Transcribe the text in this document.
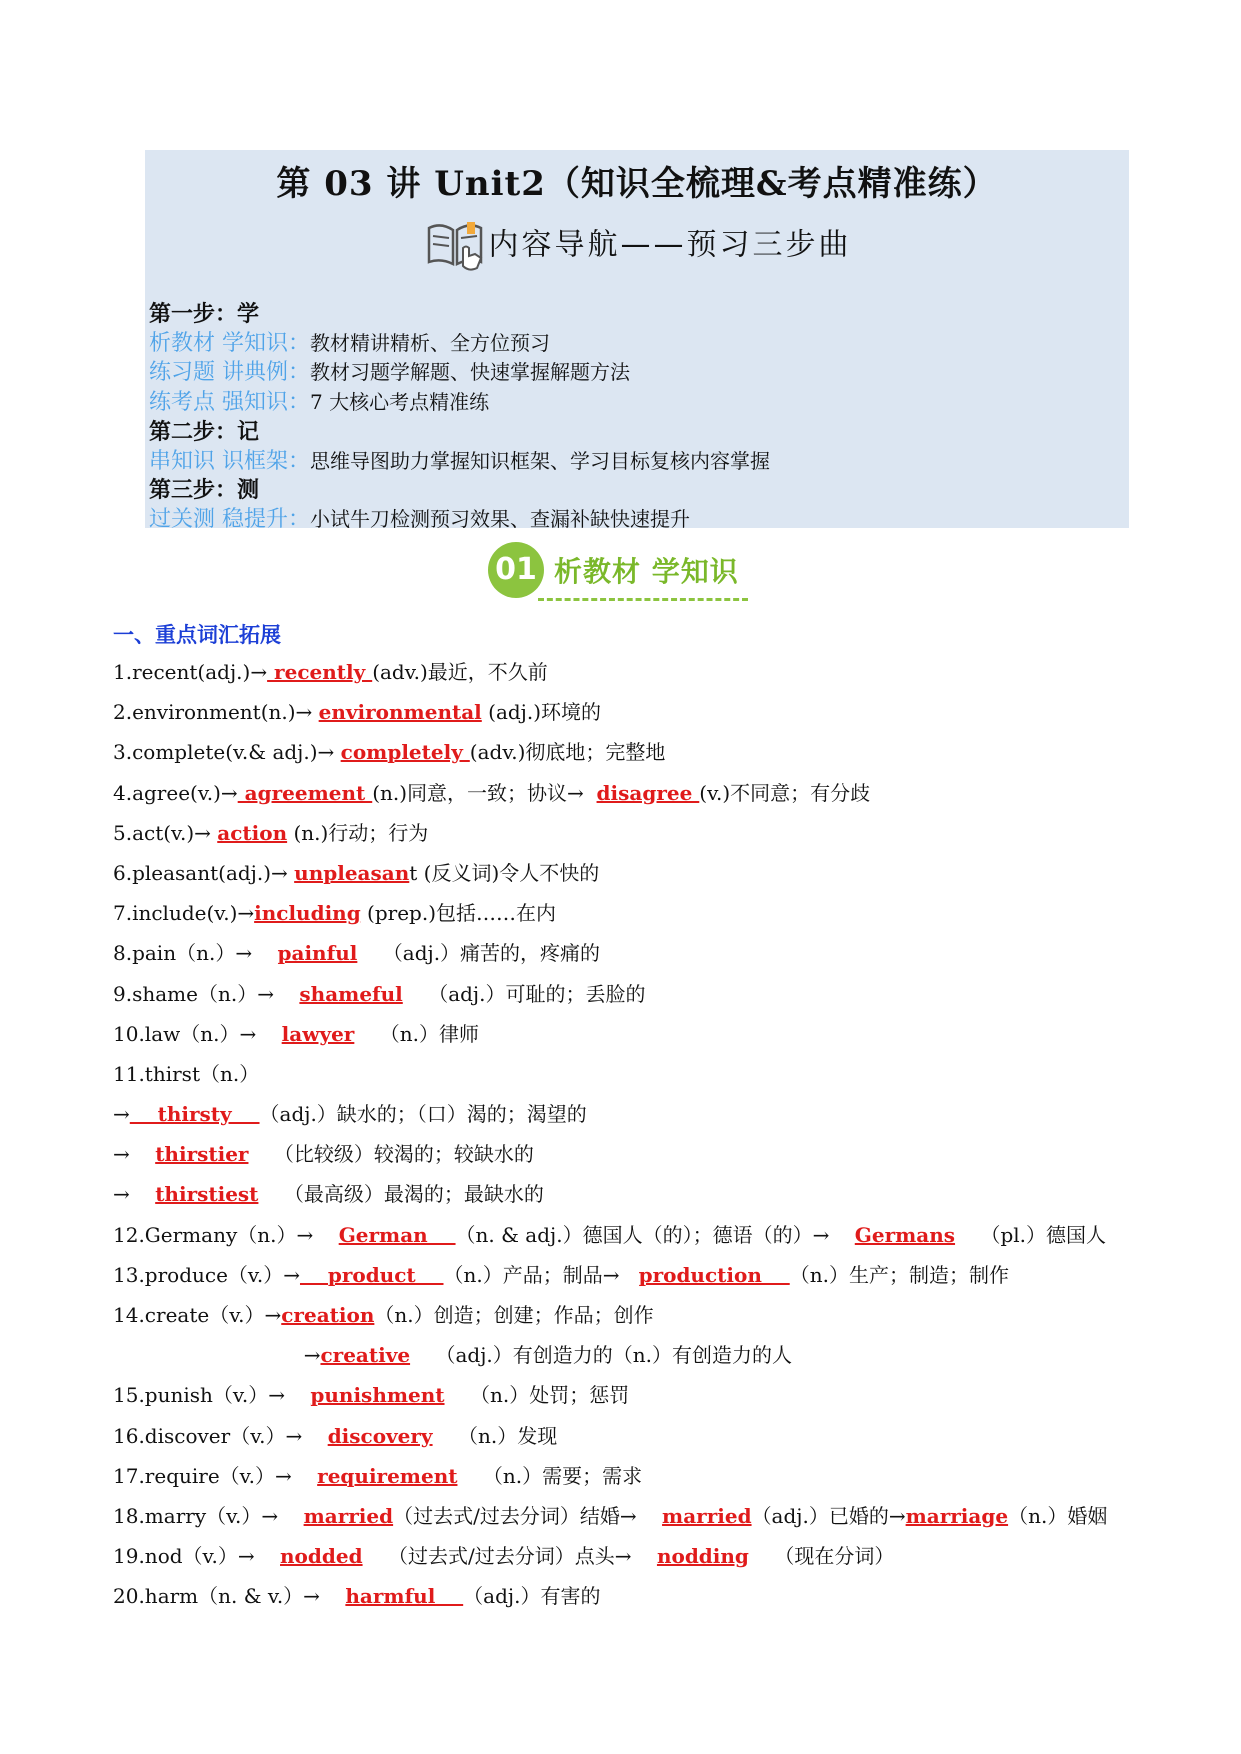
第 03 讲 Unit2（知识全梳理&考点精准练）
内容导航——预习三步曲
第一步：学
析教材 学知识：教材精讲精析、全方位预习
练习题 讲典例：教材习题学解题、快速掌握解题方法
练考点 强知识：7 大核心考点精准练
第二步：记
串知识 识框架：思维导图助力掌握知识框架、学习目标复核内容掌握
第三步：测
过关测 稳提升：小试牛刀检测预习效果、查漏补缺快速提升
01 析教材 学知识
一、重点词汇拓展
1.recent(adj.)→ recently (adv.)最近，不久前
2.environment(n.)→ environmental (adj.)环境的
3.complete(v.& adj.)→ completely (adv.)彻底地；完整地
4.agree(v.)→ agreement (n.)同意，一致；协议→  disagree (v.)不同意；有分歧
5.act(v.)→ action (n.)行动；行为
6.pleasant(adj.)→ unpleasant (反义词)令人不快的
7.include(v.)→including (prep.)包括……在内
8.pain（n.）→    painful    （adj.）痛苦的，疼痛的
9.shame（n.）→    shameful    （adj.）可耻的；丢脸的
10.law（n.）→    lawyer    （n.）律师
11.thirst（n.）
→    thirsty    （adj.）缺水的；（口）渴的；渴望的
→    thirstier    （比较级）较渴的；较缺水的
→    thirstiest    （最高级）最渴的；最缺水的
12.Germany（n.）→    German    （n. & adj.）德国人（的）；德语（的）→    Germans    （pl.）德国人
13.produce（v.）→    product    （n.）产品；制品→   production    （n.）生产；制造；制作
14.create（v.）→creation（n.）创造；创建；作品；创作
→creative    （adj.）有创造力的（n.）有创造力的人
15.punish（v.）→    punishment    （n.）处罚；惩罚
16.discover（v.）→    discovery    （n.）发现
17.require（v.）→    requirement    （n.）需要；需求
18.marry（v.）→    married（过去式/过去分词）结婚→    married（adj.）已婚的→marriage（n.）婚姻
19.nod（v.）→    nodded    （过去式/过去分词）点头→    nodding    （现在分词）
20.harm（n. & v.）→    harmful    （adj.）有害的
